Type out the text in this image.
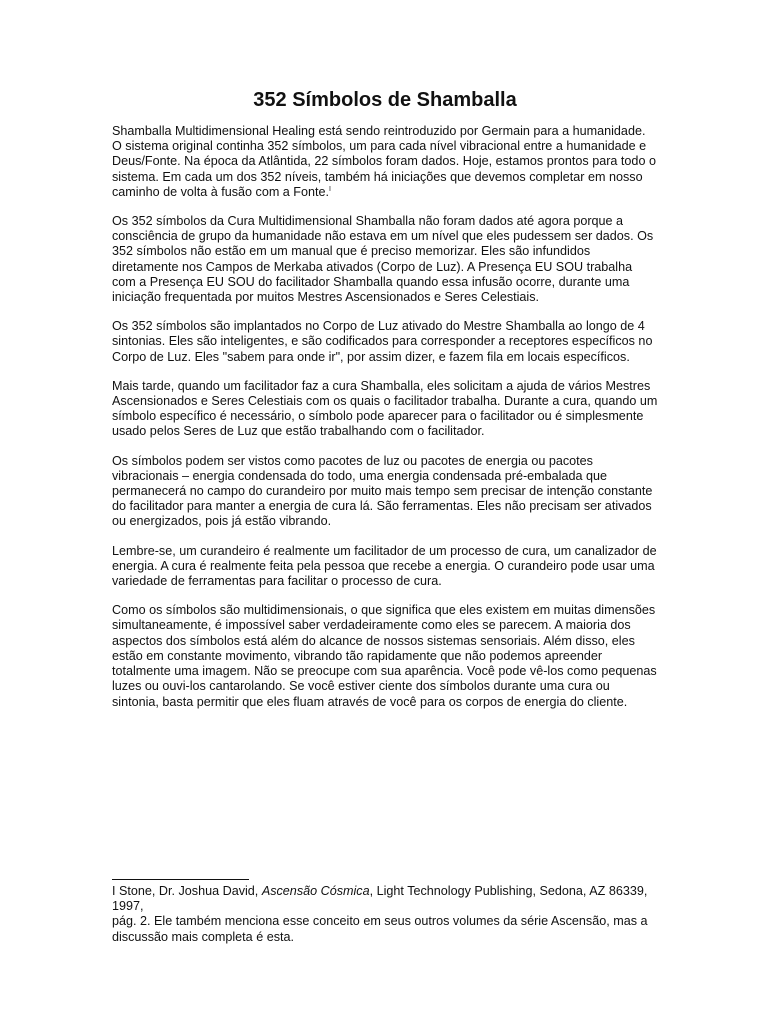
352 Símbolos de Shamballa

Shamballa Multidimensional Healing está sendo reintroduzido por Germain para a humanidade. O sistema original continha 352 símbolos, um para cada nível vibracional entre a humanidade e Deus/Fonte. Na época da Atlântida, 22 símbolos foram dados. Hoje, estamos prontos para todo o sistema. Em cada um dos 352 níveis, também há iniciações que devemos completar em nosso caminho de volta à fusão com a Fonte.$^I$

Os 352 símbolos da Cura Multidimensional Shamballa não foram dados até agora porque a consciência de grupo da humanidade não estava em um nível que eles pudessem ser dados. Os 352 símbolos não estão em um manual que é preciso memorizar. Eles são infundidos diretamente nos Campos de Merkaba ativados (Corpo de Luz). A Presença EU SOU trabalha com a Presença EU SOU do facilitador Shamballa quando essa infusão ocorre, durante uma iniciação frequentada por muitos Mestres Ascensionados e Seres Celestiais.

Os 352 símbolos são implantados no Corpo de Luz ativado do Mestre Shamballa ao longo de 4 sintonias. Eles são inteligentes, e são codificados para corresponder a receptores específicos no Corpo de Luz. Eles "sabem para onde ir", por assim dizer, e fazem fila em locais específicos.

Mais tarde, quando um facilitador faz a cura Shamballa, eles solicitam a ajuda de vários Mestres Ascensionados e Seres Celestiais com os quais o facilitador trabalha. Durante a cura, quando um símbolo específico é necessário, o símbolo pode aparecer para o facilitador ou é simplesmente usado pelos Seres de Luz que estão trabalhando com o facilitador.

Os símbolos podem ser vistos como pacotes de luz ou pacotes de energia ou pacotes vibracionais – energia condensada do todo, uma energia condensada pré-embalada que permanecerá no campo do curandeiro por muito mais tempo sem precisar de intenção constante do facilitador para manter a energia de cura lá. São ferramentas. Eles não precisam ser ativados ou energizados, pois já estão vibrando.

Lembre-se, um curandeiro é realmente um facilitador de um processo de cura, um canalizador de energia. A cura é realmente feita pela pessoa que recebe a energia. O curandeiro pode usar uma variedade de ferramentas para facilitar o processo de cura.

Como os símbolos são multidimensionais, o que significa que eles existem em muitas dimensões simultaneamente, é impossível saber verdadeiramente como eles se parecem. A maioria dos aspectos dos símbolos está além do alcance de nossos sistemas sensoriais. Além disso, eles estão em constante movimento, vibrando tão rapidamente que não podemos apreender totalmente uma imagem. Não se preocupe com sua aparência. Você pode vê-los como pequenas luzes ou ouvi-los cantarolando. Se você estiver ciente dos símbolos durante uma cura ou sintonia, basta permitir que eles fluam através de você para os corpos de energia do cliente.

I Stone, Dr. Joshua David, Ascensão Cósmica, Light Technology Publishing, Sedona, AZ 86339, 1997,
pág. 2. Ele também menciona esse conceito em seus outros volumes da série Ascensão, mas a discussão mais completa é esta.
